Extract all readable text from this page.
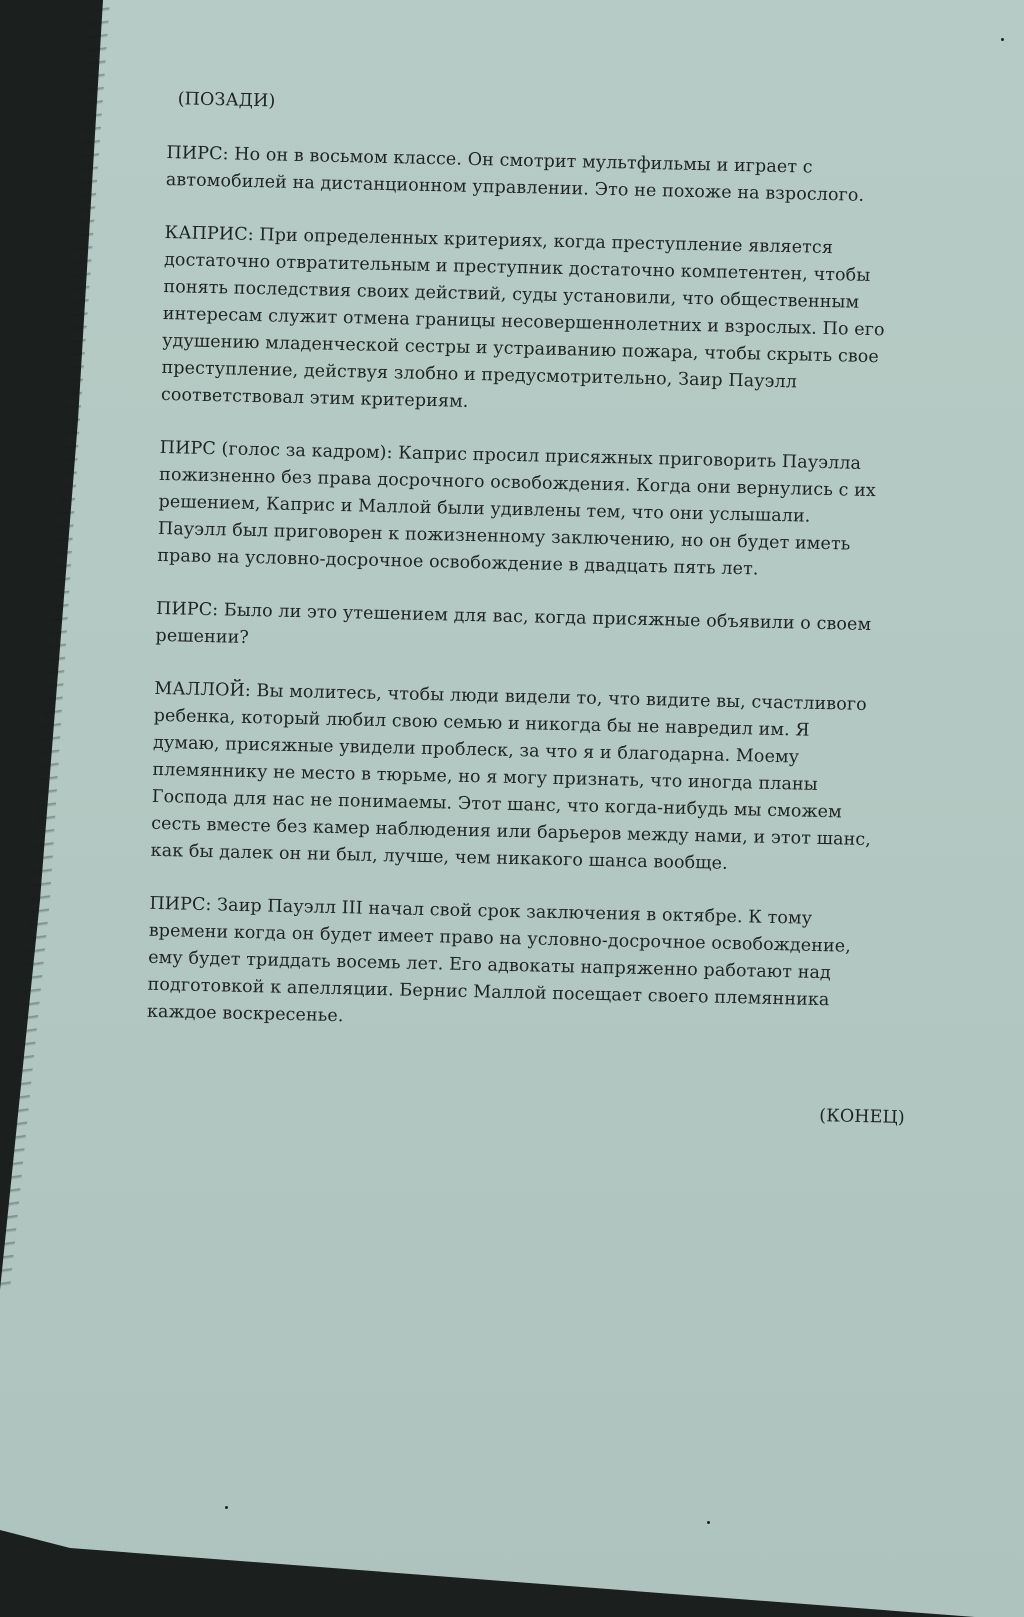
(ПОЗАДИ)
ПИРС: Но он в восьмом классе. Он смотрит мультфильмы и играет с
автомобилей на дистанционном управлении. Это не похоже на взрослого.
КАПРИС: При определенных критериях, когда преступление является
достаточно отвратительным и преступник достаточно компетентен, чтобы
понять последствия своих действий, суды установили, что общественным
интересам служит отмена границы несовершеннолетних и взрослых. По его
удушению младенческой сестры и устраиванию пожара, чтобы скрыть свое
преступление, действуя злобно и предусмотрительно, Заир Пауэлл
соответствовал этим критериям.
ПИРС (голос за кадром): Каприс просил присяжных приговорить Пауэлла
пожизненно без права досрочного освобождения. Когда они вернулись с их
решением, Каприс и Маллой были удивлены тем, что они услышали.
Пауэлл был приговорен к пожизненному заключению, но он будет иметь
право на условно-досрочное освобождение в двадцать пять лет.
ПИРС: Было ли это утешением для вас, когда присяжные объявили о своем
решении?
МАЛЛОЙ: Вы молитесь, чтобы люди видели то, что видите вы, счастливого
ребенка, который любил свою семью и никогда бы не навредил им. Я
думаю, присяжные увидели проблеск, за что я и благодарна. Моему
племяннику не место в тюрьме, но я могу признать, что иногда планы
Господа для нас не понимаемы. Этот шанс, что когда-нибудь мы сможем
сесть вместе без камер наблюдения или барьеров между нами, и этот шанс,
как бы далек он ни был, лучше, чем никакого шанса вообще.
ПИРС: Заир Пауэлл III начал свой срок заключения в октябре. К тому
времени когда он будет имеет право на условно-досрочное освобождение,
ему будет триддать восемь лет. Его адвокаты напряженно работают над
подготовкой к апелляции. Бернис Маллой посещает своего племянника
каждое воскресенье.
(КОНЕЦ)
